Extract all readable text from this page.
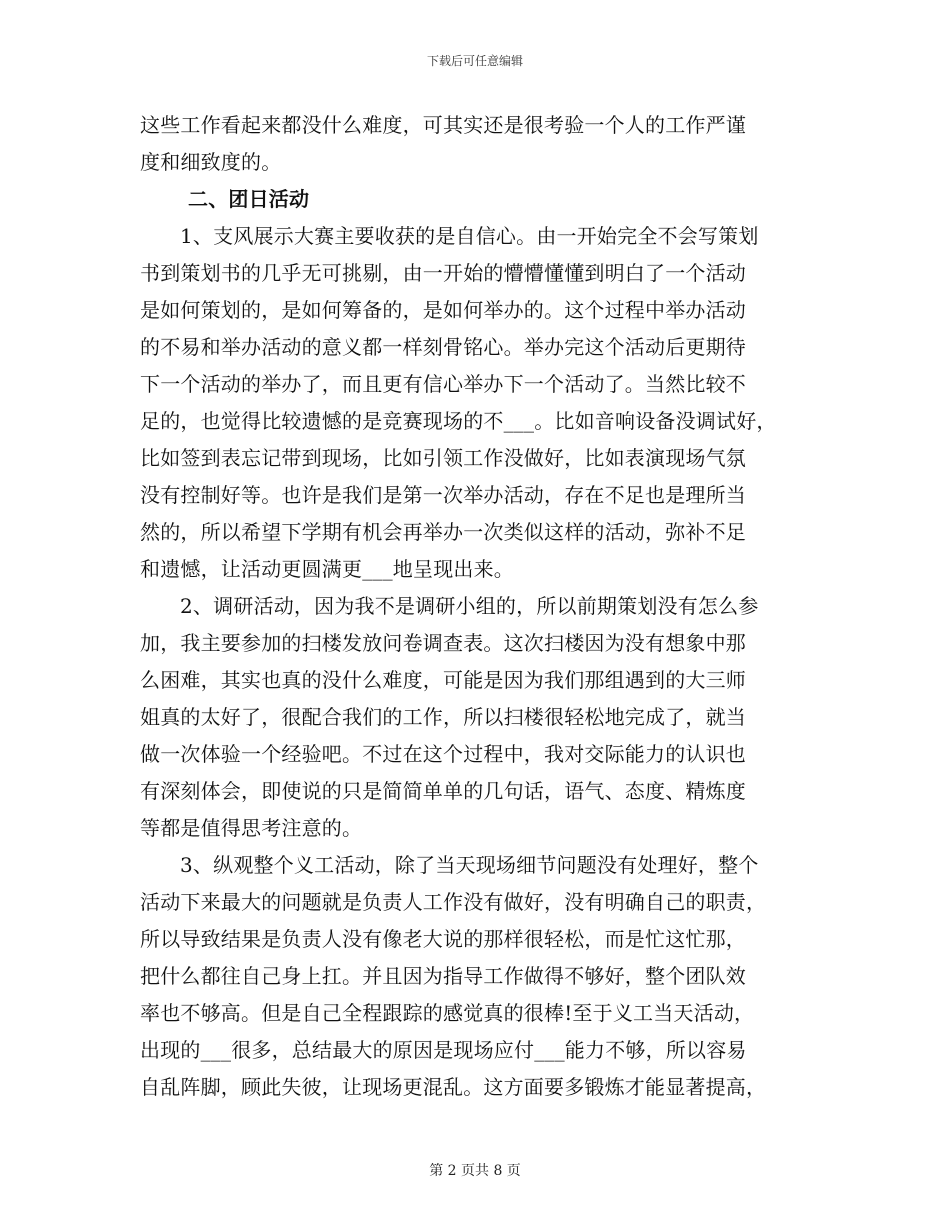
下载后可任意编辑
这些工作看起来都没什么难度，可其实还是很考验一个人的工作严谨
度和细致度的。
二、团日活动
1、支风展示大赛主要收获的是自信心。由一开始完全不会写策划
书到策划书的几乎无可挑剔，由一开始的懵懵懂懂到明白了一个活动
是如何策划的，是如何筹备的，是如何举办的。这个过程中举办活动
的不易和举办活动的意义都一样刻骨铭心。举办完这个活动后更期待
下一个活动的举办了，而且更有信心举办下一个活动了。当然比较不
足的，也觉得比较遗憾的是竞赛现场的不___。比如音响设备没调试好，
比如签到表忘记带到现场，比如引领工作没做好，比如表演现场气氛
没有控制好等。也许是我们是第一次举办活动，存在不足也是理所当
然的，所以希望下学期有机会再举办一次类似这样的活动，弥补不足
和遗憾，让活动更圆满更___地呈现出来。
2、调研活动，因为我不是调研小组的，所以前期策划没有怎么参
加，我主要参加的扫楼发放问卷调查表。这次扫楼因为没有想象中那
么困难，其实也真的没什么难度，可能是因为我们那组遇到的大三师
姐真的太好了，很配合我们的工作，所以扫楼很轻松地完成了，就当
做一次体验一个经验吧。不过在这个过程中，我对交际能力的认识也
有深刻体会，即使说的只是简简单单的几句话，语气、态度、精炼度
等都是值得思考注意的。
3、纵观整个义工活动，除了当天现场细节问题没有处理好，整个
活动下来最大的问题就是负责人工作没有做好，没有明确自己的职责，
所以导致结果是负责人没有像老大说的那样很轻松，而是忙这忙那，
把什么都往自己身上扛。并且因为指导工作做得不够好，整个团队效
率也不够高。但是自己全程跟踪的感觉真的很棒!至于义工当天活动，
出现的___很多，总结最大的原因是现场应付___能力不够，所以容易
自乱阵脚，顾此失彼，让现场更混乱。这方面要多锻炼才能显著提高，
第 2 页共 8 页
